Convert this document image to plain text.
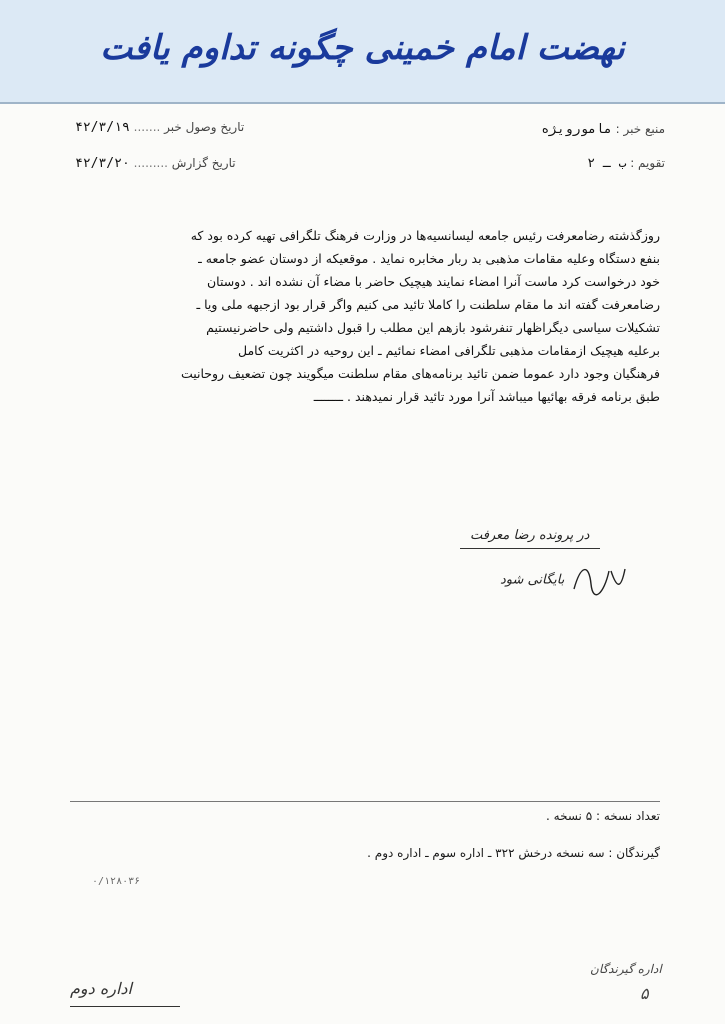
نهضت امام خمینی چگونه تداوم یافت
منبع خبر : مامورویژه
تاریخ وصول خبر ....... ۴۲/۳/۱۹
تقویم : ب ـ ۲
تاریخ گزارش ......... ۴۲/۳/۲۰
روزگذشته رضامعرفت رئیس جامعه لیسانسیه‌ها در وزارت فرهنگ تلگرافی تهیه کرده بود که
بنفع دستگاه وعلیه مقامات مذهبی بد ربار مخابره نماید . موقعیکه از دوستان عضو جامعه ـ
خود درخواست کرد ماست آنرا امضاء نمایند هیچیک حاضر با مضاء آن نشده اند . دوستان
رضامعرفت گفته اند ما مقام سلطنت را کاملا تائید می کنیم واگر قرار بود ازجبهه ملی ویا ـ
تشکیلات سیاسی دیگراظهار تنفرشود بازهم این مطلب را قبول داشتیم ولی حاضرنیستیم
برعلیه هیچیک ازمقامات مذهبی تلگرافی امضاء نمائیم ـ این روحیه در اکثریت کامل
فرهنگیان وجود دارد عموما ضمن تائید برنامه‌های مقام سلطنت میگویند چون تضعیف روحانیت
طبق برنامه فرقه بهائیها میباشد آنرا مورد تائید قرار نمیدهند . ــــــــ
در پرونده رضا معرفت
بایگانی شود
تعداد نسخه : ۵ نسخه .
گیرندگان : سه نسخه درخش ۳۲۲ ـ اداره سوم ـ اداره دوم .
۰/۱۲۸۰۳۶
اداره گیرندگان
۵
اداره دوم
